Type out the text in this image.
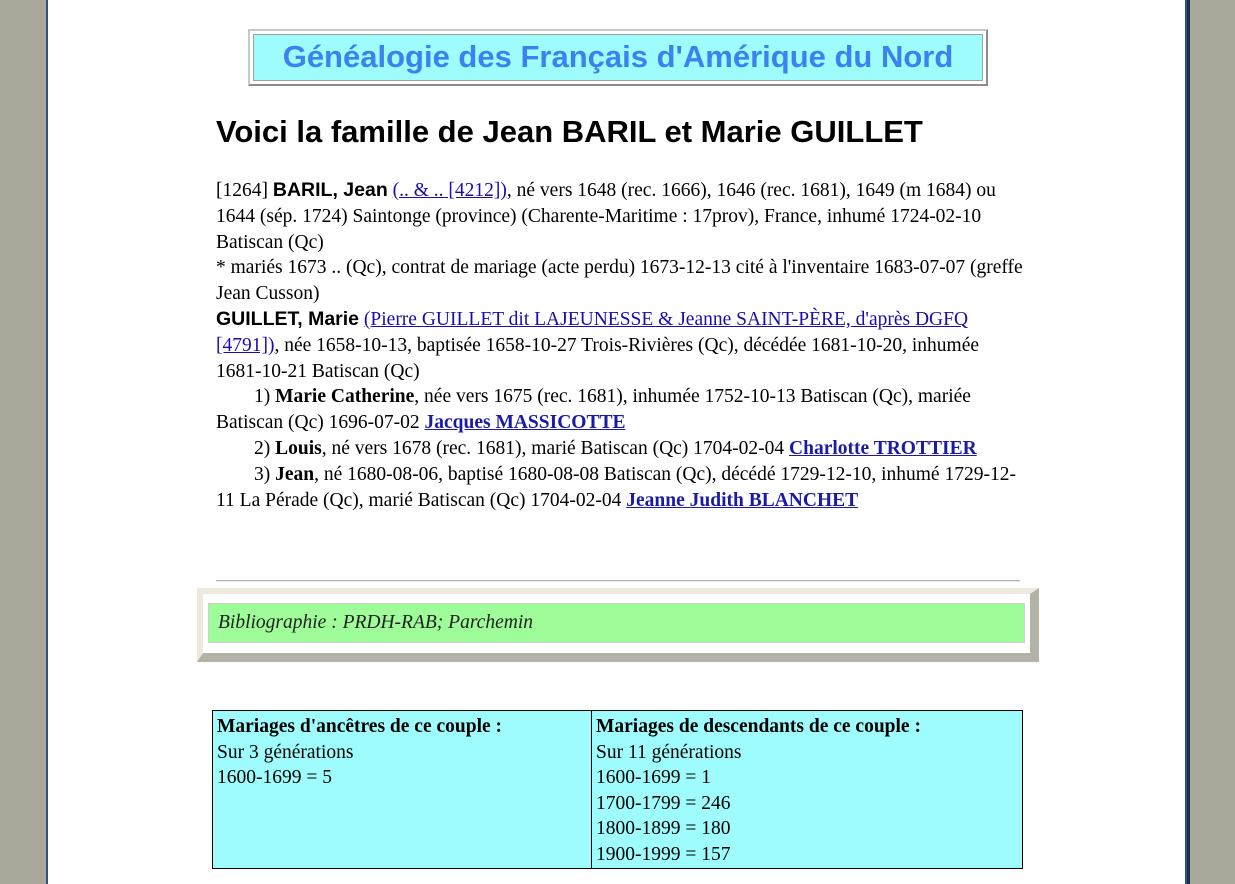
Généalogie des Français d'Amérique du Nord
Voici la famille de Jean BARIL et Marie GUILLET

[1264] BARIL, Jean (.. & .. [4212]), né vers 1648 (rec. 1666), 1646 (rec. 1681), 1649 (m 1684) ou 1644 (sép. 1724) Saintonge (province) (Charente-Maritime : 17prov), France, inhumé 1724-02-10 Batiscan (Qc)

* mariés 1673 .. (Qc), contrat de mariage (acte perdu) 1673-12-13 cité à l'inventaire 1683-07-07 (greffe Jean Cusson)

GUILLET, Marie (Pierre GUILLET dit LAJEUNESSE & Jeanne SAINT-PÈRE, d'après DGFQ [4791]), née 1658-10-13, baptisée 1658-10-27 Trois-Rivières (Qc), décédée 1681-10-20, inhumée 1681-10-21 Batiscan (Qc)

1) Marie Catherine, née vers 1675 (rec. 1681), inhumée 1752-10-13 Batiscan (Qc), mariée Batiscan (Qc) 1696-07-02 Jacques MASSICOTTE

2) Louis, né vers 1678 (rec. 1681), marié Batiscan (Qc) 1704-02-04 Charlotte TROTTIER

3) Jean, né 1680-08-06, baptisé 1680-08-08 Batiscan (Qc), décédé 1729-12-10, inhumé 1729-12-11 La Pérade (Qc), marié Batiscan (Qc) 1704-02-04 Jeanne Judith BLANCHET

Bibliographie : PRDH-RAB; Parchemin
Mariages d'ancêtres de ce couple :
Sur 3 générations
1600-1699 = 5

Mariages de descendants de ce couple :
Sur 11 générations
1600-1699 = 1
1700-1799 = 246
1800-1899 = 180
1900-1999 = 157
